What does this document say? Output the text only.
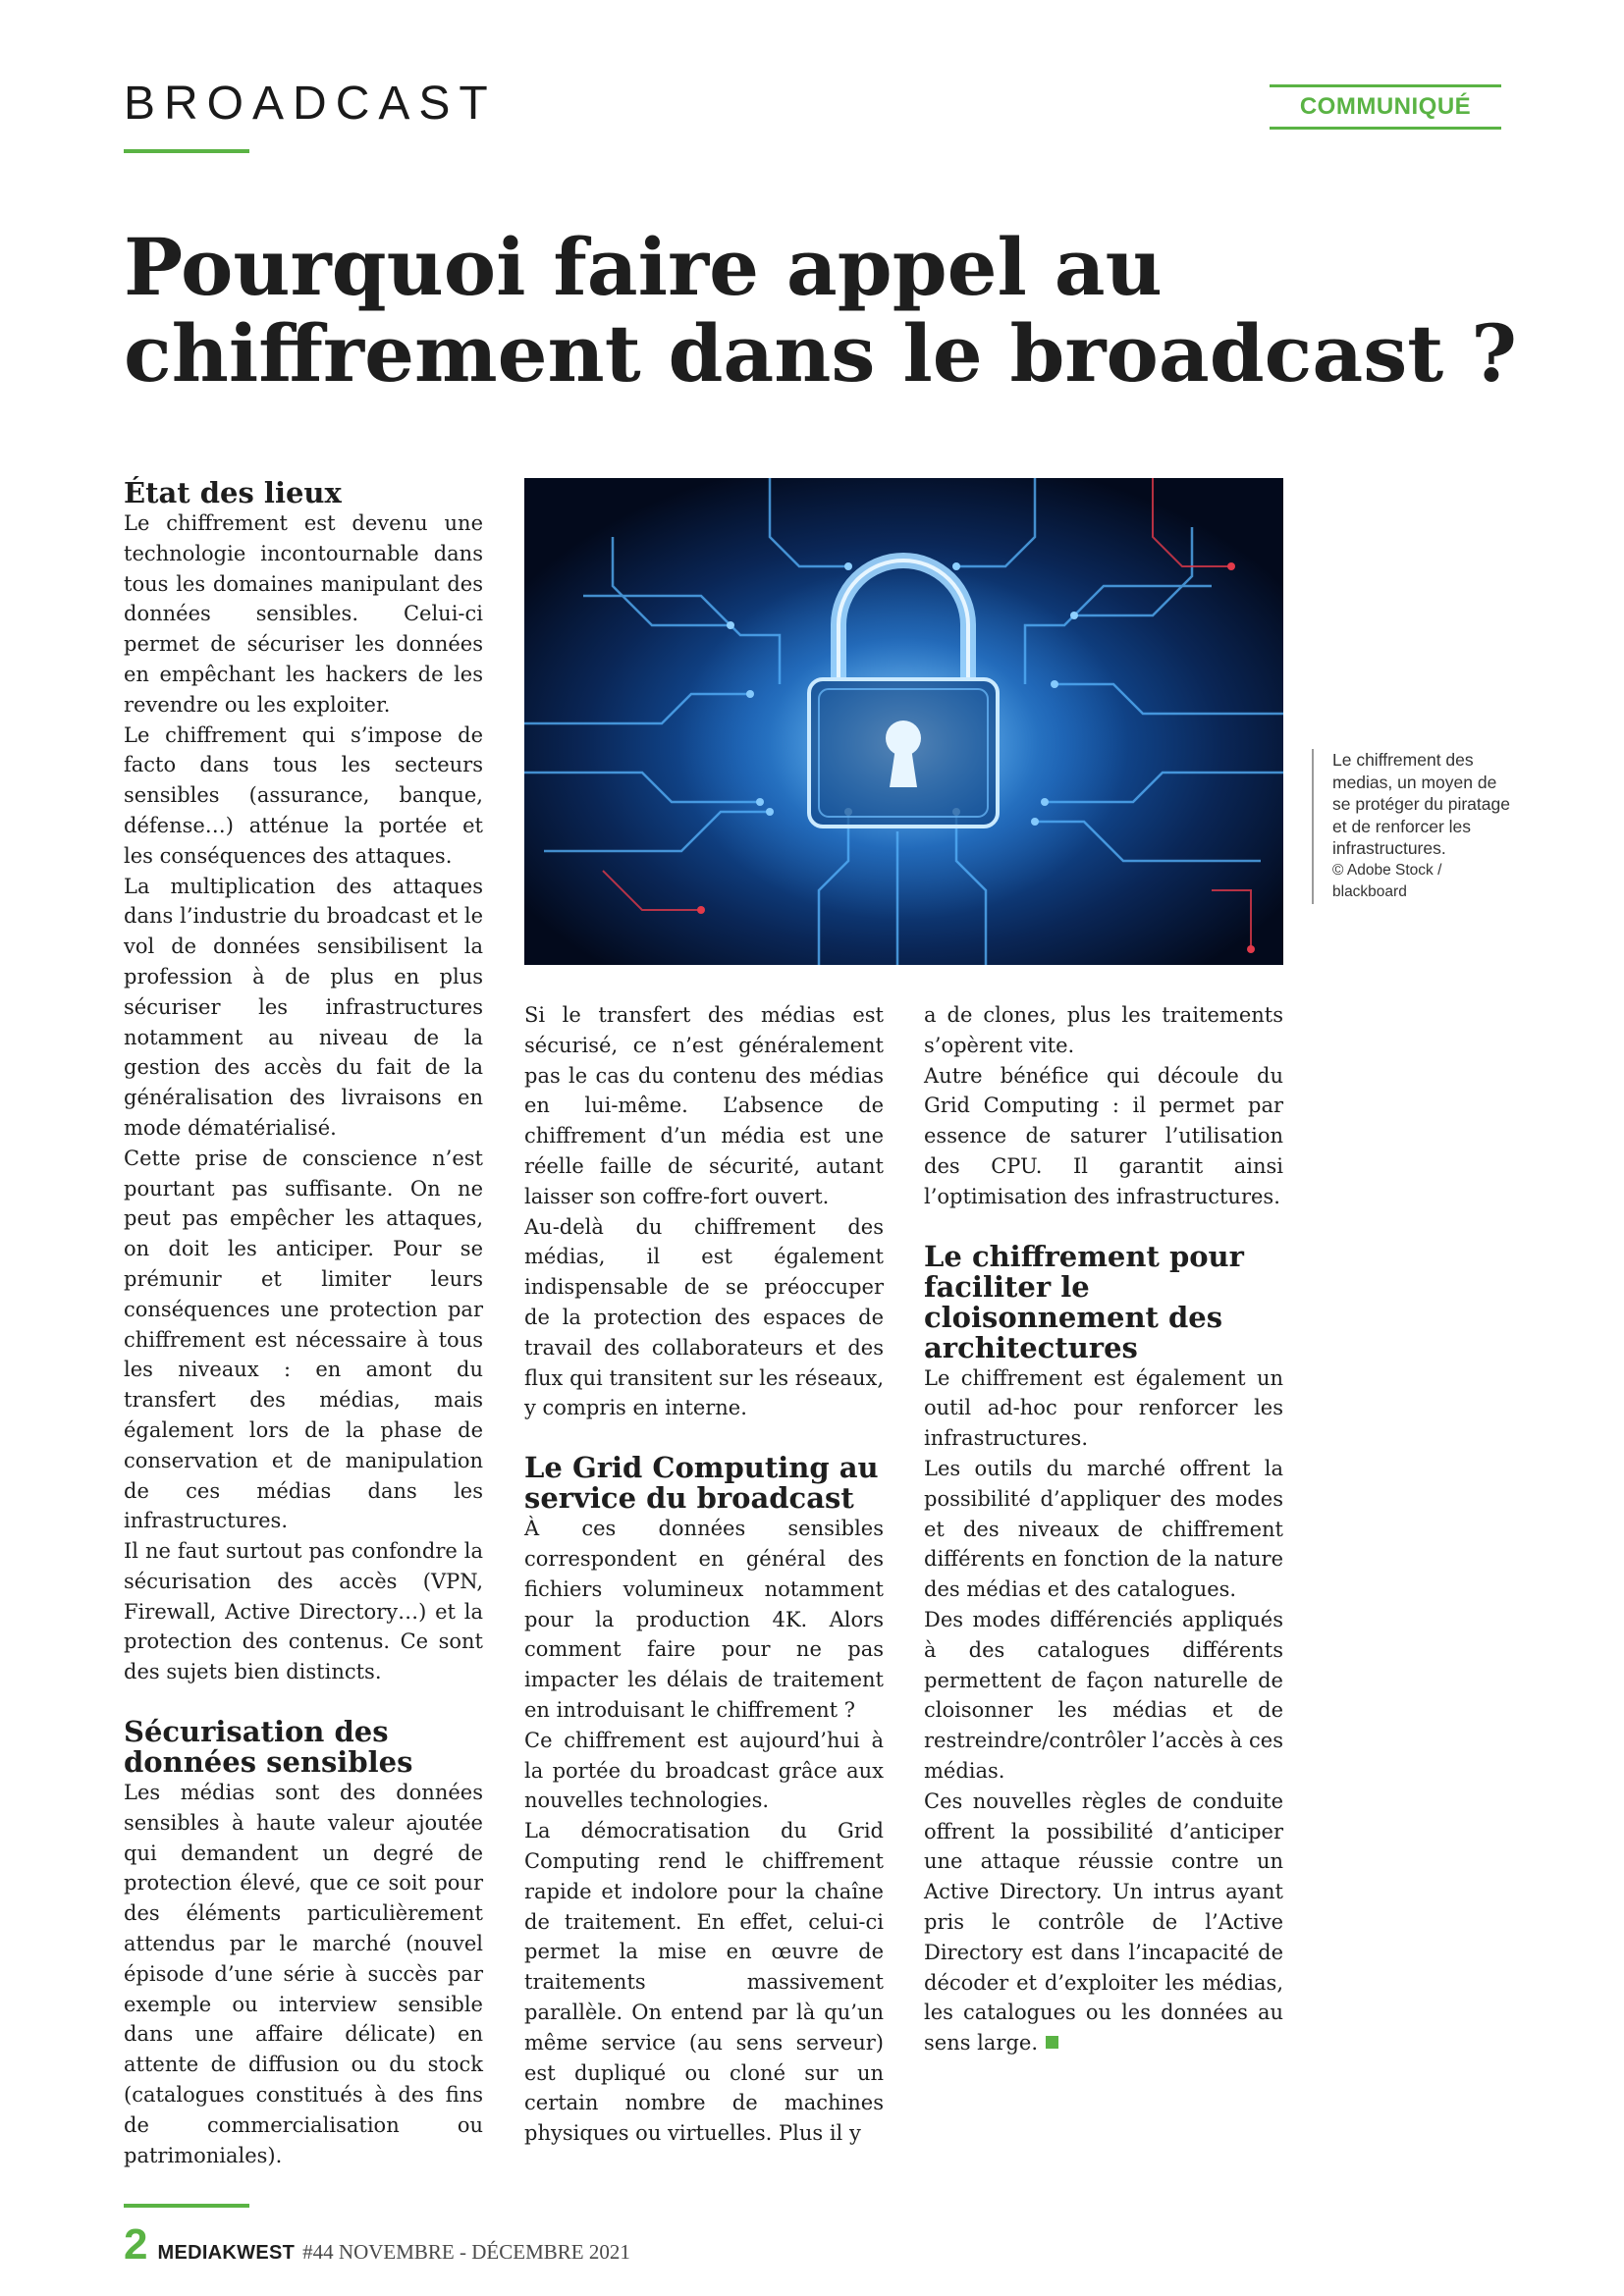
BROADCAST	COMMUNIQUÉ
Pourquoi faire appel au
chiffrement dans le broadcast ?
État des lieux

Le chiffrement est devenu une technologie incontournable dans tous les domaines manipulant des données sensibles. Celui-ci permet de sécuriser les données en empêchant les hackers de les revendre ou les exploiter.

Le chiffrement qui s’impose de facto dans tous les secteurs sensibles (assurance, banque, défense…) atténue la portée et les conséquences des attaques.

La multiplication des attaques dans l’industrie du broadcast et le vol de données sensibilisent la profession à de plus en plus sécuriser les infrastructures notamment au niveau de la gestion des accès du fait de la généralisation des livraisons en mode dématérialisé.

Cette prise de conscience n’est pourtant pas suffisante. On ne peut pas empêcher les attaques, on doit les anticiper. Pour se prémunir et limiter leurs conséquences une protection par chiffrement est nécessaire à tous les niveaux : en amont du transfert des médias, mais également lors de la phase de conservation et de manipulation de ces médias dans les infrastructures.

Il ne faut surtout pas confondre la sécurisation des accès (VPN, Firewall, Active Directory…) et la protection des contenus. Ce sont des sujets bien distincts.

Sécurisation des données sensibles

Les médias sont des données sensibles à haute valeur ajoutée qui demandent un degré de protection élevé, que ce soit pour des éléments particulièrement attendus par le marché (nouvel épisode d’une série à succès par exemple ou interview sensible dans une affaire délicate) en attente de diffusion ou du stock (catalogues constitués à des fins de commercialisation ou patrimoniales).

Le chiffrement des medias, un moyen de se protéger du piratage et de renforcer les infrastructures.
© Adobe Stock / blackboard

Si le transfert des médias est sécurisé, ce n’est généralement pas le cas du contenu des médias en lui-même. L’absence de chiffrement d’un média est une réelle faille de sécurité, autant laisser son coffre-fort ouvert.

Au-delà du chiffrement des médias, il est également indispensable de se préoccuper de la protection des espaces de travail des collaborateurs et des flux qui transitent sur les réseaux, y compris en interne.

Le Grid Computing au service du broadcast

À ces données sensibles correspondent en général des fichiers volumineux notamment pour la production 4K. Alors comment faire pour ne pas impacter les délais de traitement en introduisant le chiffrement ?

Ce chiffrement est aujourd’hui à la portée du broadcast grâce aux nouvelles technologies.

La démocratisation du Grid Computing rend le chiffrement rapide et indolore pour la chaîne de traitement. En effet, celui-ci permet la mise en œuvre de traitements massivement parallèle. On entend par là qu’un même service (au sens serveur) est dupliqué ou cloné sur un certain nombre de machines physiques ou virtuelles. Plus il y

a de clones, plus les traitements s’opèrent vite.

Autre bénéfice qui découle du Grid Computing : il permet par essence de saturer l’utilisation des CPU. Il garantit ainsi l’optimisation des infrastructures.

Le chiffrement pour faciliter le cloisonnement des architectures

Le chiffrement est également un outil ad-hoc pour renforcer les infrastructures.

Les outils du marché offrent la possibilité d’appliquer des modes et des niveaux de chiffrement différents en fonction de la nature des médias et des catalogues.

Des modes différenciés appliqués à des catalogues différents permettent de façon naturelle de cloisonner les médias et de restreindre/contrôler l’accès à ces médias.

Ces nouvelles règles de conduite offrent la possibilité d’anticiper une attaque réussie contre un Active Directory. Un intrus ayant pris le contrôle de l’Active Directory est dans l’incapacité de décoder et d’exploiter les médias, les catalogues ou les données au sens large.

2 MEDIAKWEST #44 NOVEMBRE - DÉCEMBRE 2021
